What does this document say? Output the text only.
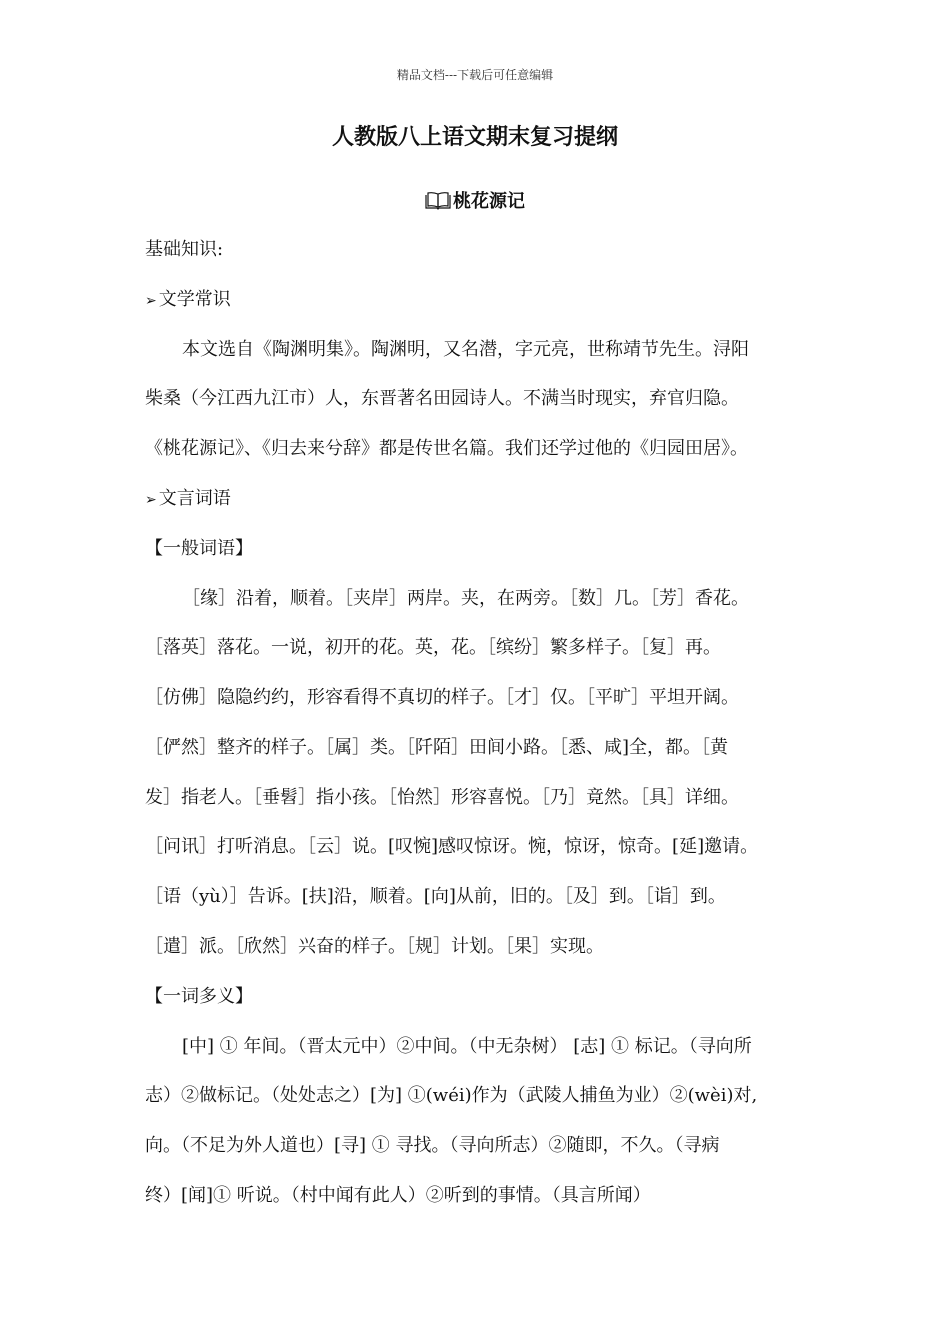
精品文档---下载后可任意编辑
人教版八上语文期末复习提纲
桃花源记
基础知识:
➢ 文学常识
本文选自《陶渊明集》。陶渊明，又名潜，字元亮，世称靖节先生。浔阳
柴桑（今江西九江市）人，东晋著名田园诗人。不满当时现实，弃官归隐。
《桃花源记》、《归去来兮辞》都是传世名篇。我们还学过他的《归园田居》。
➢ 文言词语
【一般词语】
［缘］沿着，顺着。［夹岸］两岸。夹，在两旁。［数］几。［芳］香花。
［落英］落花。一说，初开的花。英，花。［缤纷］繁多样子。［复］再。
［仿佛］隐隐约约，形容看得不真切的样子。［才］仅。［平旷］平坦开阔。
［俨然］整齐的样子。［属］类。［阡陌］田间小路。［悉、咸]全，都。［黄
发］指老人。［垂髫］指小孩。［怡然］形容喜悦。［乃］竟然。［具］详细。
［问讯］打听消息。［云］说。[叹惋]感叹惊讶。惋，惊讶，惊奇。[延]邀请。
［语（yù）］告诉。[扶]沿，顺着。[向]从前，旧的。［及］到。［诣］到。
［遣］派。［欣然］兴奋的样子。［规］计划。［果］实现。
【一词多义】
[中] ① 年间。（晋太元中）②中间。（中无杂树） [志] ① 标记。（寻向所
志）②做标记。（处处志之）[为] ①(wéi)作为（武陵人捕鱼为业）②(wèi)对,
向。（不足为外人道也）[寻] ① 寻找。（寻向所志）②随即，不久。（寻病
终）[闻]① 听说。（村中闻有此人）②听到的事情。（具言所闻）
